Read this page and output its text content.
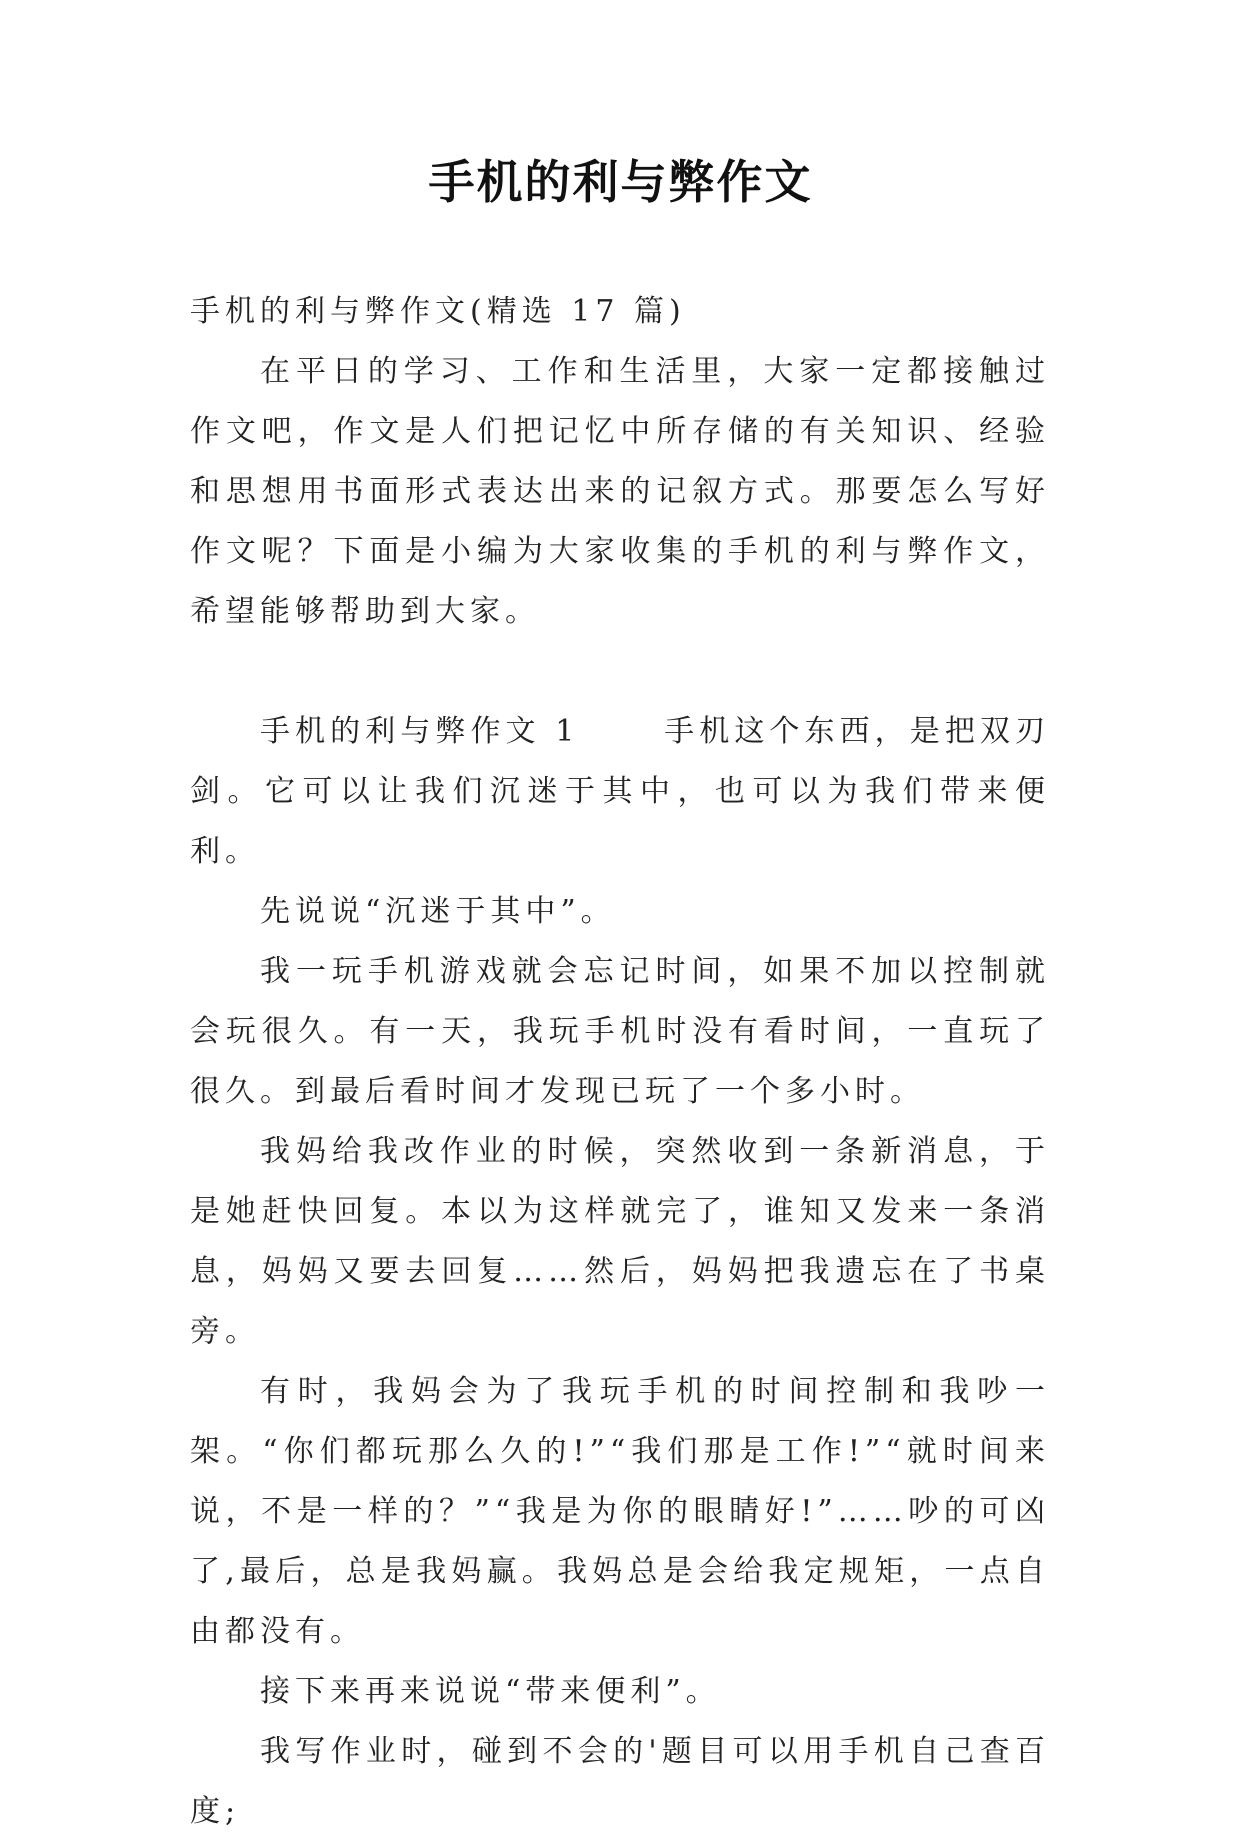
手机的利与弊作文

手机的利与弊作文(精选 17 篇)

在平日的学习、工作和生活里，大家一定都接触过作文吧，作文是人们把记忆中所存储的有关知识、经验和思想用书面形式表达出来的记叙方式。那要怎么写好作文呢？下面是小编为大家收集的手机的利与弊作文，希望能够帮助到大家。

手机的利与弊作文 1　　 手机这个东西，是把双刃剑。它可以让我们沉迷于其中，也可以为我们带来便利。

先说说“沉迷于其中”。

我一玩手机游戏就会忘记时间，如果不加以控制就会玩很久。有一天，我玩手机时没有看时间，一直玩了很久。到最后看时间才发现已玩了一个多小时。

我妈给我改作业的时候，突然收到一条新消息，于是她赶快回复。本以为这样就完了，谁知又发来一条消息，妈妈又要去回复……然后，妈妈把我遗忘在了书桌旁。

有时，我妈会为了我玩手机的时间控制和我吵一架。“你们都玩那么久的!”“我们那是工作!”“就时间来说，不是一样的？”“我是为你的眼睛好!”……吵的可凶了,最后，总是我妈赢。我妈总是会给我定规矩，一点自由都没有。

接下来再来说说“带来便利”。

我写作业时，碰到不会的'题目可以用手机自己查百度;
